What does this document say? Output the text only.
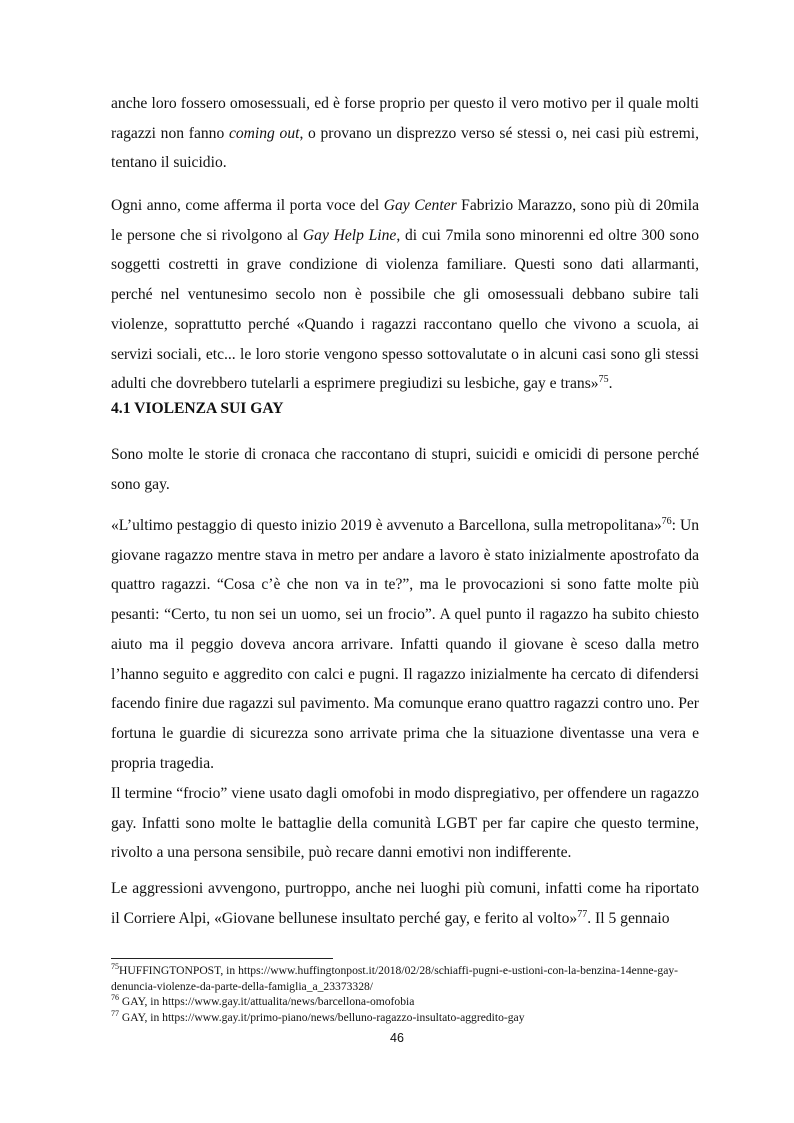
anche loro fossero omosessuali, ed è forse proprio per questo il vero motivo per il quale molti ragazzi non fanno coming out, o provano un disprezzo verso sé stessi o, nei casi più estremi, tentano il suicidio.

Ogni anno, come afferma il porta voce del Gay Center Fabrizio Marazzo, sono più di 20mila le persone che si rivolgono al Gay Help Line, di cui 7mila sono minorenni ed oltre 300 sono soggetti costretti in grave condizione di violenza familiare. Questi sono dati allarmanti, perché nel ventunesimo secolo non è possibile che gli omosessuali debbano subire tali violenze, soprattutto perché «Quando i ragazzi raccontano quello che vivono a scuola, ai servizi sociali, etc... le loro storie vengono spesso sottovalutate o in alcuni casi sono gli stessi adulti che dovrebbero tutelarli a esprimere pregiudizi su lesbiche, gay e trans»$^{75}$.

4.1 VIOLENZA SUI GAY

Sono molte le storie di cronaca che raccontano di stupri, suicidi e omicidi di persone perché sono gay.

«L’ultimo pestaggio di questo inizio 2019 è avvenuto a Barcellona, sulla metropolitana»$^{76}$: Un giovane ragazzo mentre stava in metro per andare a lavoro è stato inizialmente apostrofato da quattro ragazzi. “Cosa c’è che non va in te?”, ma le provocazioni si sono fatte molte più pesanti: “Certo, tu non sei un uomo, sei un frocio”. A quel punto il ragazzo ha subito chiesto aiuto ma il peggio doveva ancora arrivare. Infatti quando il giovane è sceso dalla metro l’hanno seguito e aggredito con calci e pugni. Il ragazzo inizialmente ha cercato di difendersi facendo finire due ragazzi sul pavimento. Ma comunque erano quattro ragazzi contro uno. Per fortuna le guardie di sicurezza sono arrivate prima che la situazione diventasse una vera e propria tragedia.

Il termine “frocio” viene usato dagli omofobi in modo dispregiativo, per offendere un ragazzo gay. Infatti sono molte le battaglie della comunità LGBT per far capire che questo termine, rivolto a una persona sensibile, può recare danni emotivi non indifferente.

Le aggressioni avvengono, purtroppo, anche nei luoghi più comuni, infatti come ha riportato il Corriere Alpi, «Giovane bellunese insultato perché gay, e ferito al volto»$^{77}$. Il 5 gennaio

$^{75}$HUFFINGTONPOST, in https://www.huffingtonpost.it/2018/02/28/schiaffi-pugni-e-ustioni-con-la-benzina-14enne-gay-denuncia-violenze-da-parte-della-famiglia_a_23373328/

$^{76}$ GAY, in https://www.gay.it/attualita/news/barcellona-omofobia

$^{77}$ GAY, in https://www.gay.it/primo-piano/news/belluno-ragazzo-insultato-aggredito-gay

46
